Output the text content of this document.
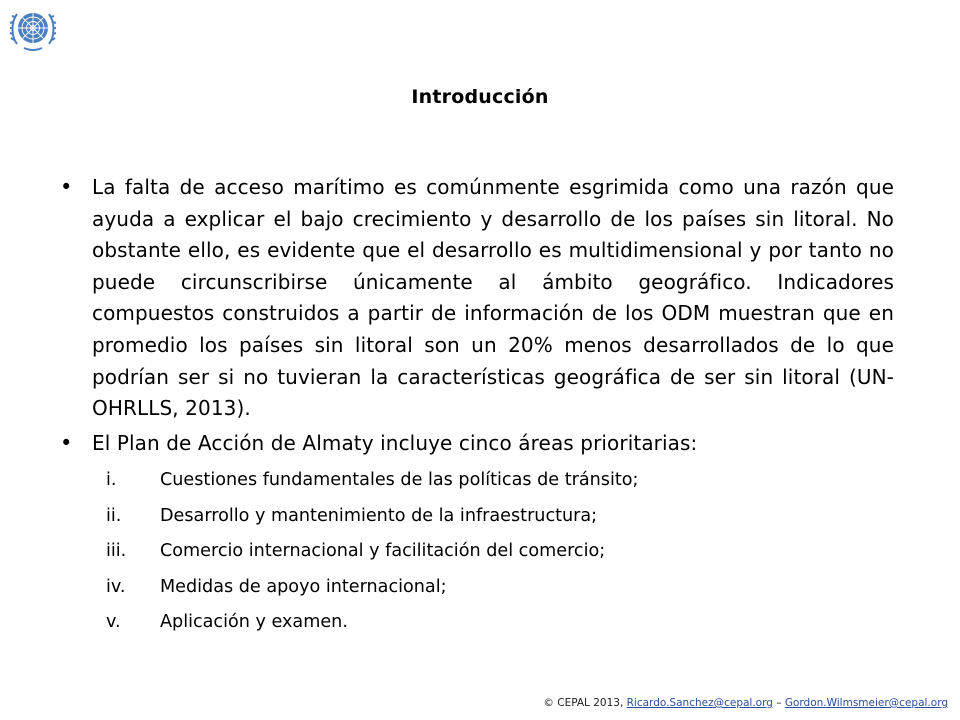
Introducción
• La falta de acceso marítimo es comúnmente esgrimida como una razón que ayuda a explicar el bajo crecimiento y desarrollo de los países sin litoral. No obstante ello, es evidente que el desarrollo es multidimensional y por tanto no puede circunscribirse únicamente al ámbito geográfico. Indicadores compuestos construidos a partir de información de los ODM muestran que en promedio los países sin litoral son un 20% menos desarrollados de lo que podrían ser si no tuvieran la características geográfica de ser sin litoral (UN-OHRLLS, 2013).
• El Plan de Acción de Almaty incluye cinco áreas prioritarias:
i.	Cuestiones fundamentales de las políticas de tránsito;
ii.	Desarrollo y mantenimiento de la infraestructura;
iii.	Comercio internacional y facilitación del comercio;
iv.	Medidas de apoyo internacional;
v.	Aplicación y examen.
© CEPAL 2013, Ricardo.Sanchez@cepal.org – Gordon.Wilmsmeier@cepal.org
